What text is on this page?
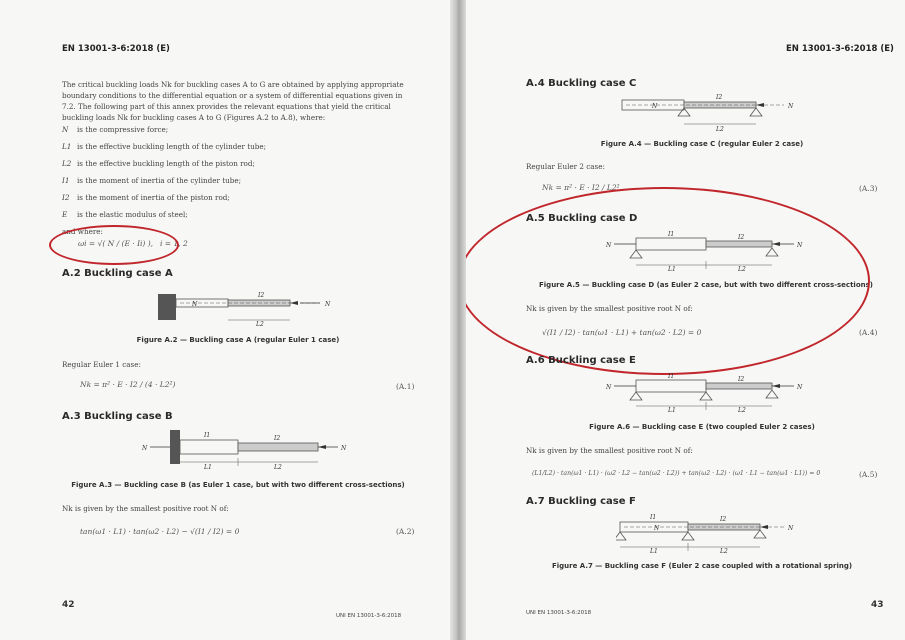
EN 13001-3-6:2018 (E)
The critical buckling loads Nk for buckling cases A to G are obtained by applying appropriate boundary conditions to the differential equation or a system of differential equations given in 7.2. The following part of this annex provides the relevant equations that yield the critical buckling loads Nk for buckling cases A to G (Figures A.2 to A.8), where:
N is the compressive force;
L1 is the effective buckling length of the cylinder tube;
L2 is the effective buckling length of the piston rod;
I1 is the moment of inertia of the cylinder tube;
I2 is the moment of inertia of the piston rod;
E is the elastic modulus of steel;
and where:
ωi = √( N / (E · Ii) ), i = 1, 2
A.2 Buckling case A
N	N
I2
L2
Figure A.2 — Buckling case A (regular Euler 1 case)
Regular Euler 1 case:
Nk = π² · E · I2 / (4 · L2²)	(A.1)
A.3 Buckling case B
N	N
I1	I2
L1	L2
Figure A.3 — Buckling case B (as Euler 1 case, but with two different cross-sections)
Nk is given by the smallest positive root N of:
tan(ω1 · L1) · tan(ω2 · L2) − √(I1 / I2) = 0	(A.2)
42
UNI EN 13001-3-6:2018
EN 13001-3-6:2018 (E)
A.4 Buckling case C
N	N
I2
L2
Figure A.4 — Buckling case C (regular Euler 2 case)
Regular Euler 2 case:
Nk = π² · E · I2 / L2²	(A.3)
A.5 Buckling case D
N	N
I1	I2
L1	L2
Figure A.5 — Buckling case D (as Euler 2 case, but with two different cross-sections)
Nk is given by the smallest positive root N of:
√(I1 / I2) · tan(ω1 · L1) + tan(ω2 · L2) = 0	(A.4)
A.6 Buckling case E
N	N
I1	I2
L1	L2
Figure A.6 — Buckling case E (two coupled Euler 2 cases)
Nk is given by the smallest positive root N of:
(L1/L2) · tan(ω1 · L1) · (ω2 · L2 − tan(ω2 · L2)) + tan(ω2 · L2) · (ω1 · L1 − tan(ω1 · L1)) = 0	(A.5)
A.7 Buckling case F
N	N
I1	I2
L1	L2
Figure A.7 — Buckling case F (Euler 2 case coupled with a rotational spring)
43
UNI EN 13001-3-6:2018
